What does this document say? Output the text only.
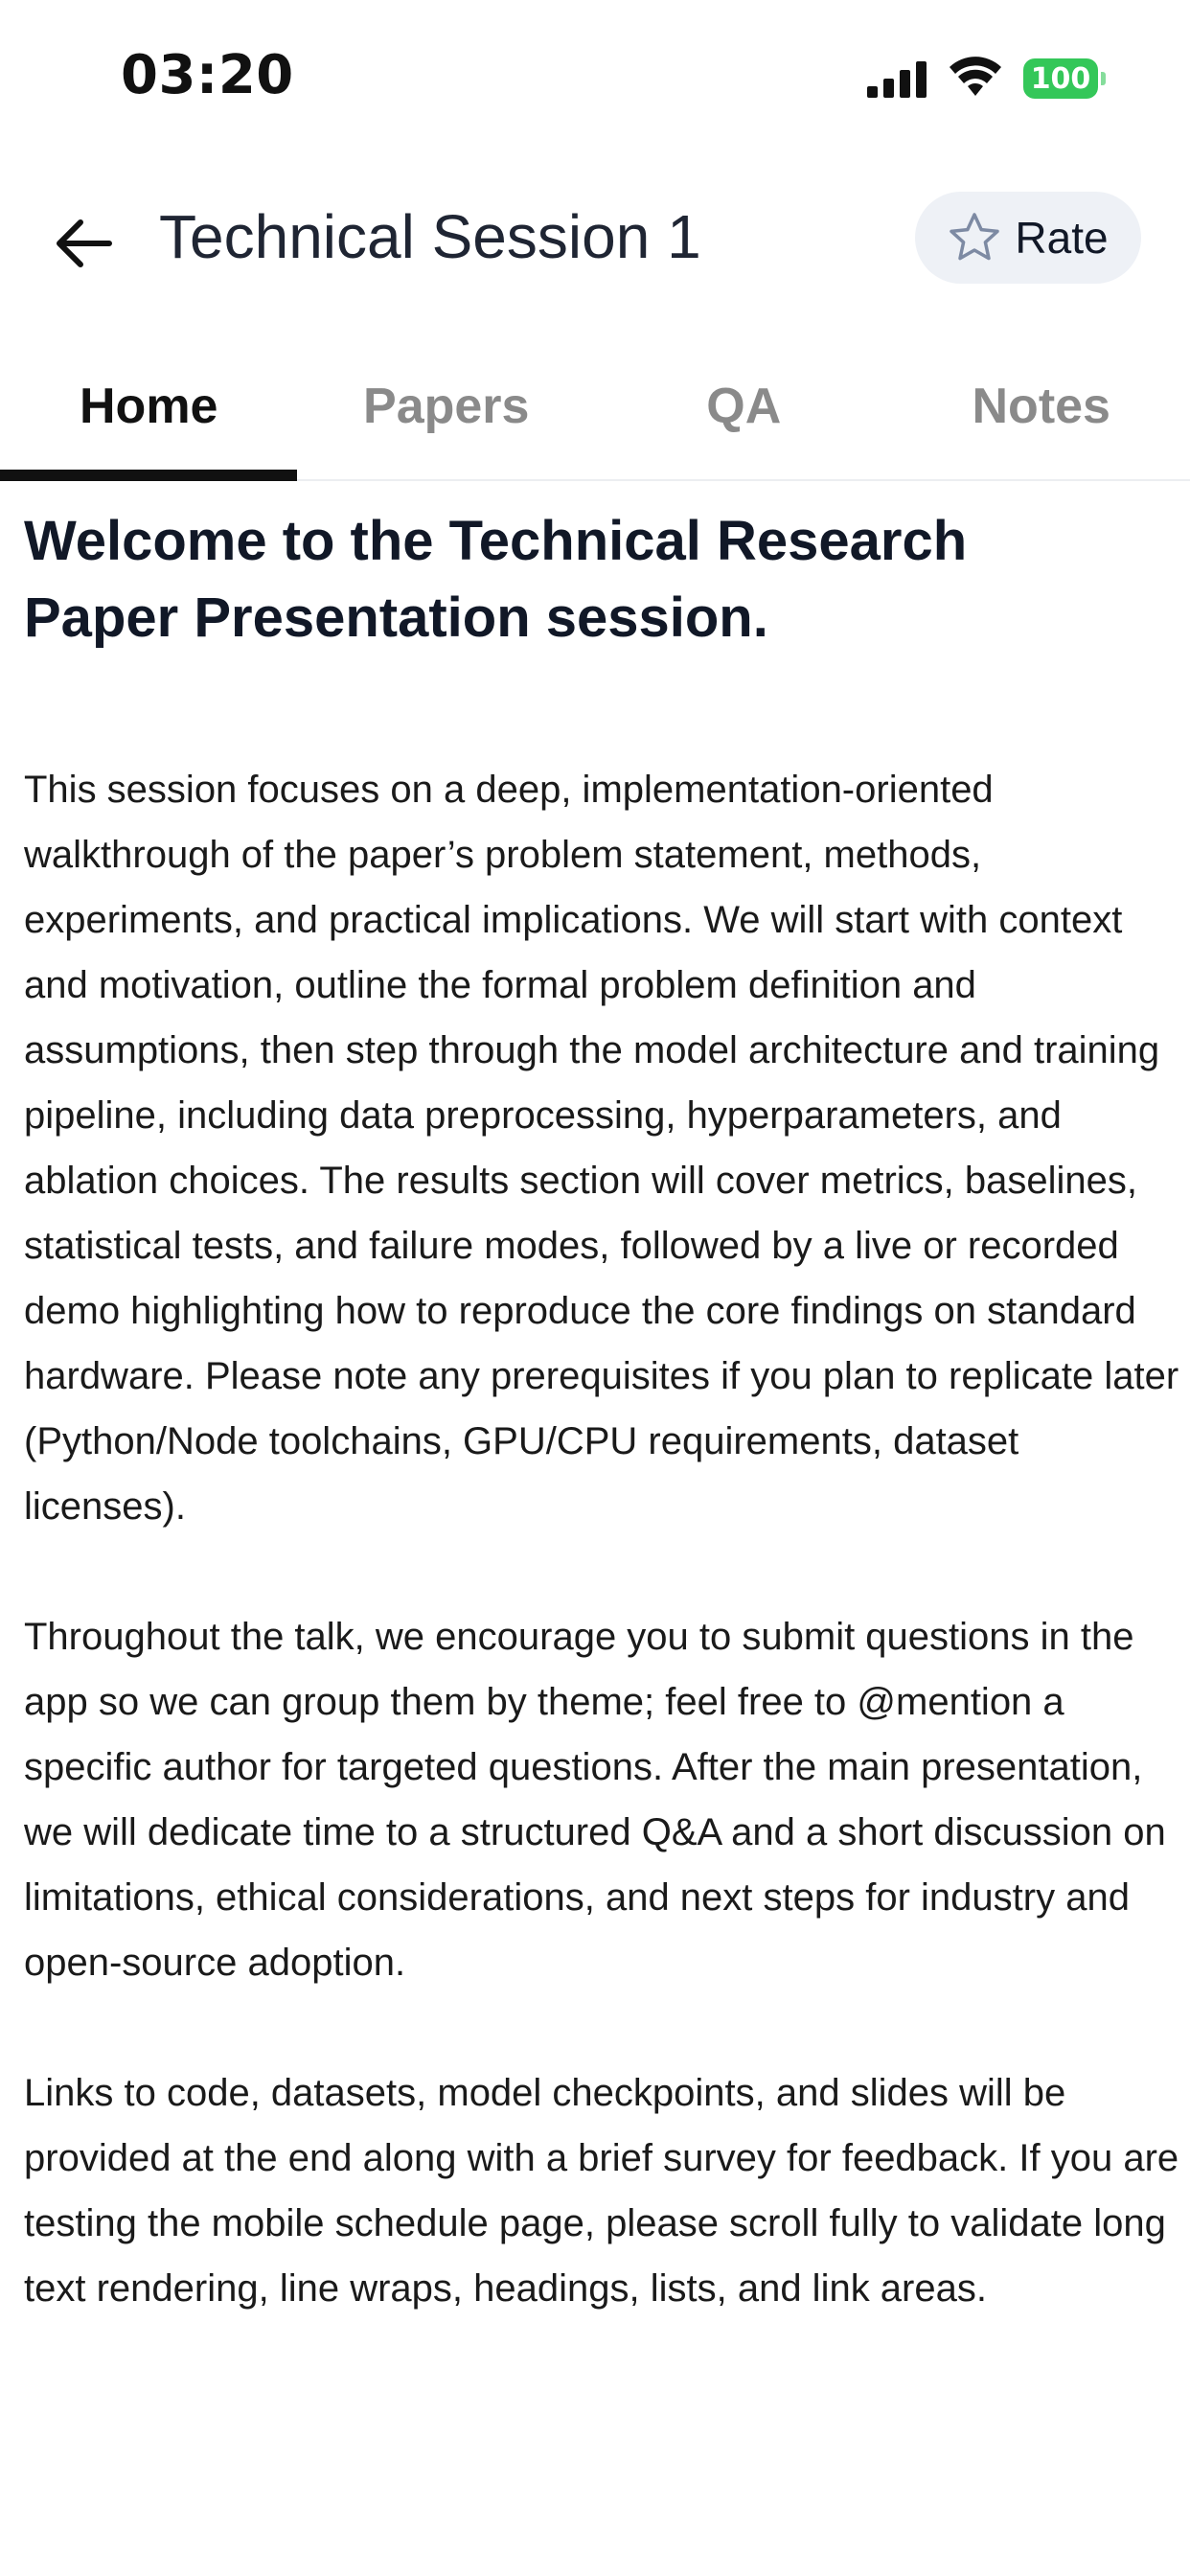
03:20	100
Technical Session 1	Rate
Home	Papers	QA	Notes
Welcome to the Technical Research Paper Presentation session.

This session focuses on a deep, implementation-oriented walkthrough of the paper’s problem statement, methods, experiments, and practical implications. We will start with context and motivation, outline the formal problem definition and assumptions, then step through the model architecture and training pipeline, including data preprocessing, hyperparameters, and ablation choices. The results section will cover metrics, baselines, statistical tests, and failure modes, followed by a live or recorded demo highlighting how to reproduce the core findings on standard hardware. Please note any prerequisites if you plan to replicate later (Python/Node toolchains, GPU/CPU requirements, dataset licenses).

Throughout the talk, we encourage you to submit questions in the app so we can group them by theme; feel free to @mention a specific author for targeted questions. After the main presentation, we will dedicate time to a structured Q&A and a short discussion on limitations, ethical considerations, and next steps for industry and open-source adoption.

Links to code, datasets, model checkpoints, and slides will be provided at the end along with a brief survey for feedback. If you are testing the mobile schedule page, please scroll fully to validate long text rendering, line wraps, headings, lists, and link areas.
